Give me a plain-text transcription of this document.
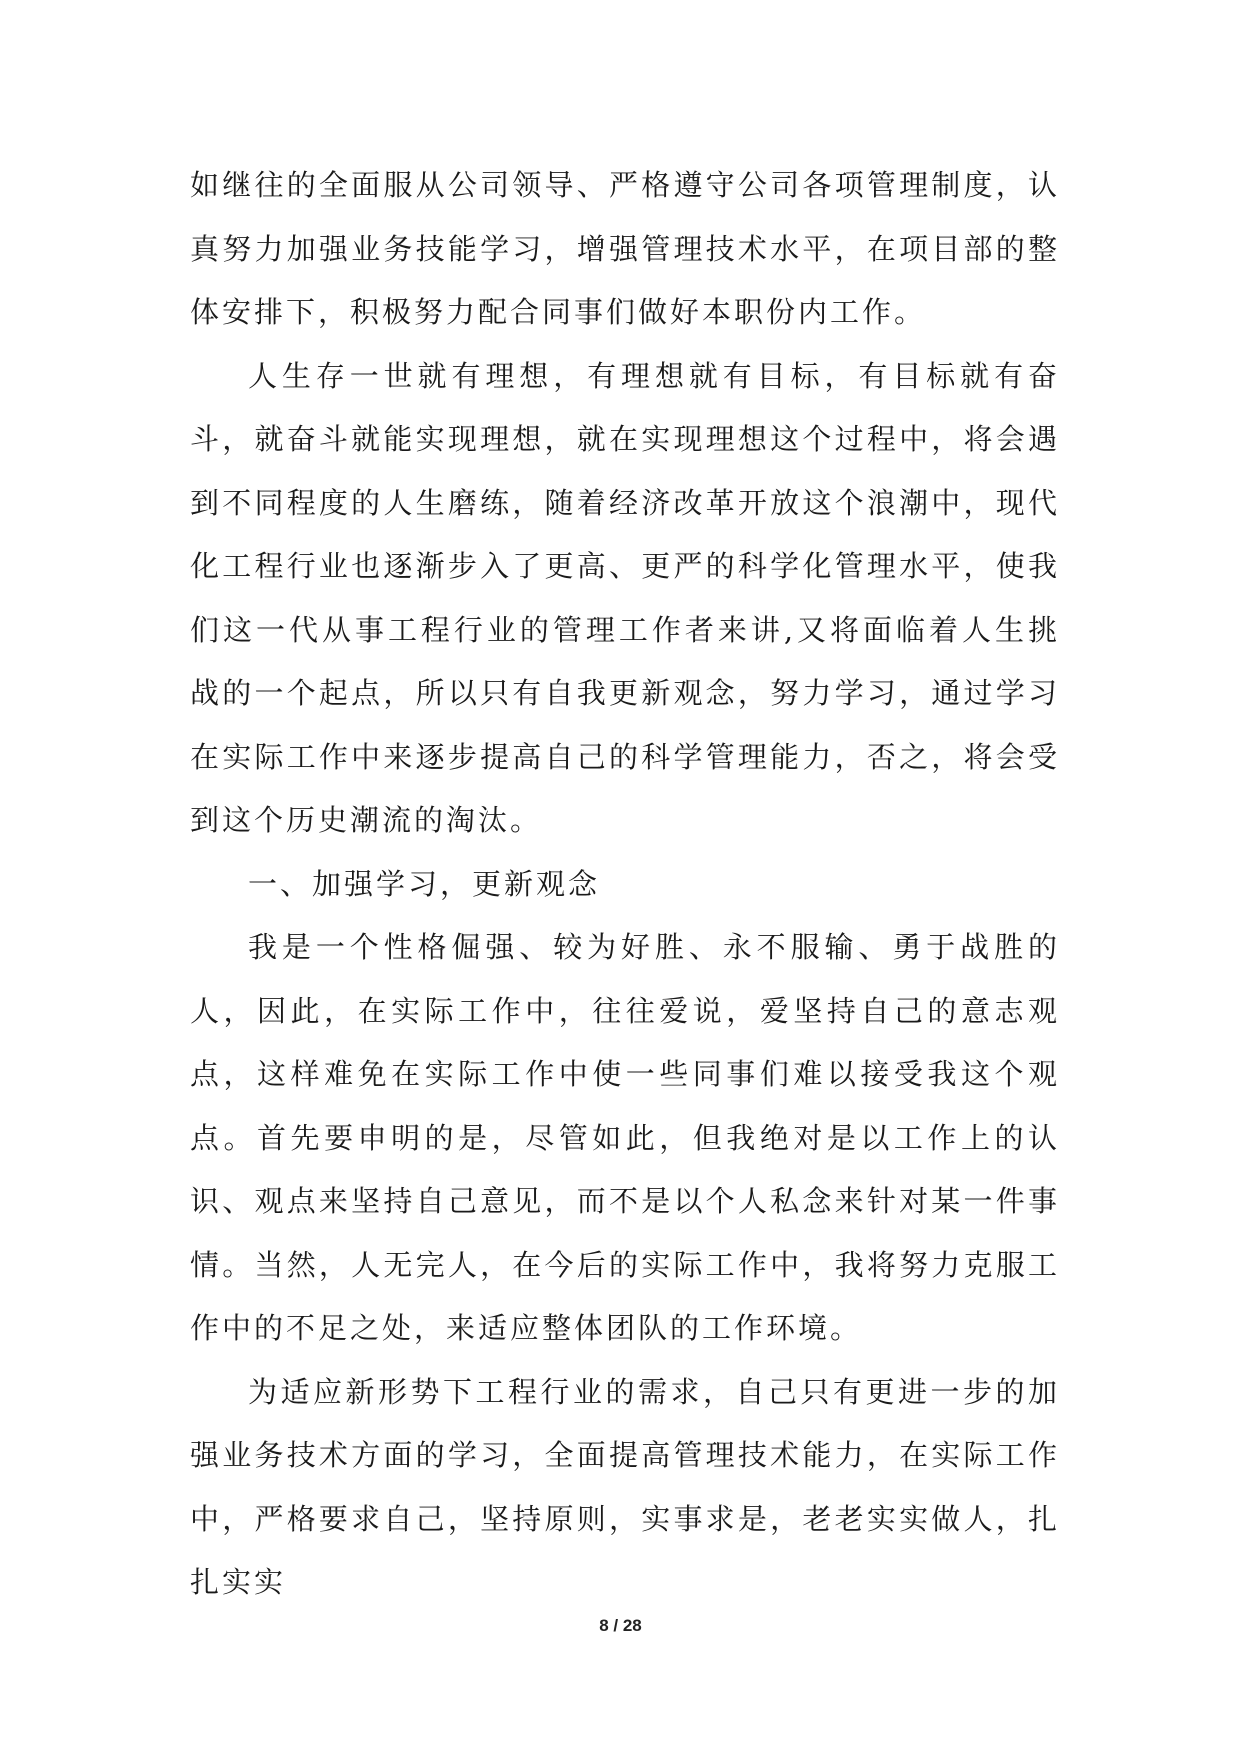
如继往的全面服从公司领导、严格遵守公司各项管理制度，认真努力加强业务技能学习，增强管理技术水平，在项目部的整体安排下，积极努力配合同事们做好本职份内工作。

人生存一世就有理想，有理想就有目标，有目标就有奋斗，就奋斗就能实现理想，就在实现理想这个过程中，将会遇到不同程度的人生磨练，随着经济改革开放这个浪潮中，现代化工程行业也逐渐步入了更高、更严的科学化管理水平，使我们这一代从事工程行业的管理工作者来讲,又将面临着人生挑战的一个起点，所以只有自我更新观念，努力学习，通过学习在实际工作中来逐步提高自己的科学管理能力，否之，将会受到这个历史潮流的淘汰。

一、加强学习，更新观念

我是一个性格倔强、较为好胜、永不服输、勇于战胜的人，因此，在实际工作中，往往爱说，爱坚持自己的意志观点，这样难免在实际工作中使一些同事们难以接受我这个观点。首先要申明的是，尽管如此，但我绝对是以工作上的认识、观点来坚持自己意见，而不是以个人私念来针对某一件事情。当然，人无完人，在今后的实际工作中，我将努力克服工作中的不足之处，来适应整体团队的工作环境。

为适应新形势下工程行业的需求，自己只有更进一步的加强业务技术方面的学习，全面提高管理技术能力，在实际工作中，严格要求自己，坚持原则，实事求是，老老实实做人，扎扎实实

8 / 28
